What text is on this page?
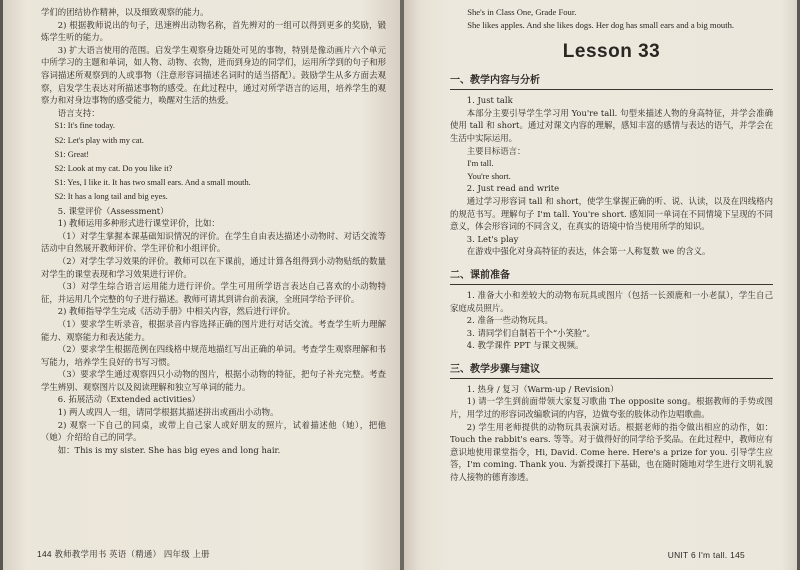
学们的团结协作精神，以及细致观察的能力。

2) 根据教师说出的句子，迅速辨出动物名称，首先辨对的一组可以得到更多的奖励，锻炼学生听的能力。

3) 扩大语言使用的范围。启发学生观察身边随处可见的事物，特别是像动画片六个单元中所学习的主题和单词，如人物、动物、衣物，进而到身边的同学们，运用所学到的句子和形容词描述所观察到的人或事物（注意形容词描述名词时的适当搭配）。鼓励学生从多方面去观察，启发学生表达对所描述事物的感受。在此过程中，通过对所学语言的运用，培养学生的观察力和对身边事物的感受能力，唤醒对生活的热爱。

语言支持：

S1: It's fine today.

S2: Let's play with my cat.

S1: Great!

S2: Look at my cat. Do you like it?

S1: Yes, I like it. It has two small ears. And a small mouth.

S2: It has a long tail and big eyes.

5. 课堂评价（Assessment）

1) 教师运用多种形式进行课堂评价，比如：

（1）对学生掌握本课基础知识情况的评价。在学生自由表达描述小动物时、对话交流等活动中自然展开教师评价、学生评价和小组评价。

（2）对学生学习效果的评价。教师可以在下课前，通过计算各组得到小动物贴纸的数量对学生的课堂表现和学习效果进行评价。

（3）对学生综合语言运用能力进行评价。学生可用所学语言表达自己喜欢的小动物特征，并运用几个完整的句子进行描述。教师可请其到讲台前表演，全班同学给予评价。

2) 教师指导学生完成《活动手册》中相关内容，然后进行评价。

（1）要求学生听录音，根据录音内容选择正确的图片进行对话交流。考查学生听力理解能力、观察能力和表达能力。

（2）要求学生根据范例在四线格中规范地描红写出正确的单词。考查学生观察理解和书写能力，培养学生良好的书写习惯。

（3）要求学生通过观察四只小动物的图片，根据小动物的特征，把句子补充完整。考查学生辨别、观察图片以及阅读理解和独立写单词的能力。

6. 拓展活动（Extended activities）

1) 两人或四人一组，请同学根据其描述拼出或画出小动物。

2) 观察一下自己的同桌，或带上自己家人或好朋友的照片，试着描述他（她），把他（她）介绍给自己的同学。

如：This is my sister. She has big eyes and long hair.

144 教师教学用书 英语（精通） 四年级 上册

She's in Class One, Grade Four.

She likes apples. And she likes dogs. Her dog has small ears and a big mouth.

Lesson 33
一、教学内容与分析

1. Just talk

本部分主要引导学生学习用 You're tall. 句型来描述人物的身高特征，并学会准确使用 tall 和 short。通过对课文内容的理解，感知丰富的感情与表达的语气，并学会在生活中实际运用。

主要目标语言：

I'm tall.

You're short.

2. Just read and write

通过学习形容词 tall 和 short，使学生掌握正确的听、说、认读，以及在四线格内的规范书写。理解句子 I'm tall. You're short. 感知同一单词在不同情境下呈现的不同意义，体会形容词的不同含义，在真实的语境中恰当使用所学的知识。

3. Let's play

在游戏中强化对身高特征的表达，体会第一人称复数 we 的含义。

二、课前准备

1. 准备大小和差较大的动物布玩具或图片（包括一长颈鹿和一小老鼠），学生自己家庭成员照片。

2. 准备一些动物玩具。

3. 请同学们自制若干个“小笑脸”。

4. 教学课件 PPT 与课文视频。

三、教学步骤与建议

1. 热身 / 复习（Warm-up / Revision）

1) 请一学生到前面带领大家复习歌曲 The opposite song。根据教师的手势或图片，用学过的形容词改编歌词的内容，边做夸张的肢体动作边唱歌曲。

2) 学生用老师提供的动物玩具表演对话。根据老师的指令做出相应的动作，如：Touch the rabbit's ears. 等等。对于做得好的同学给予奖品。在此过程中，教师应有意识地使用课堂指令，Hi, David. Come here. Here's a prize for you. 引导学生应答，I'm coming. Thank you. 为新授课打下基础，也在随时随地对学生进行文明礼貌待人接物的德育渗透。

UNIT 6 I'm tall. 145
